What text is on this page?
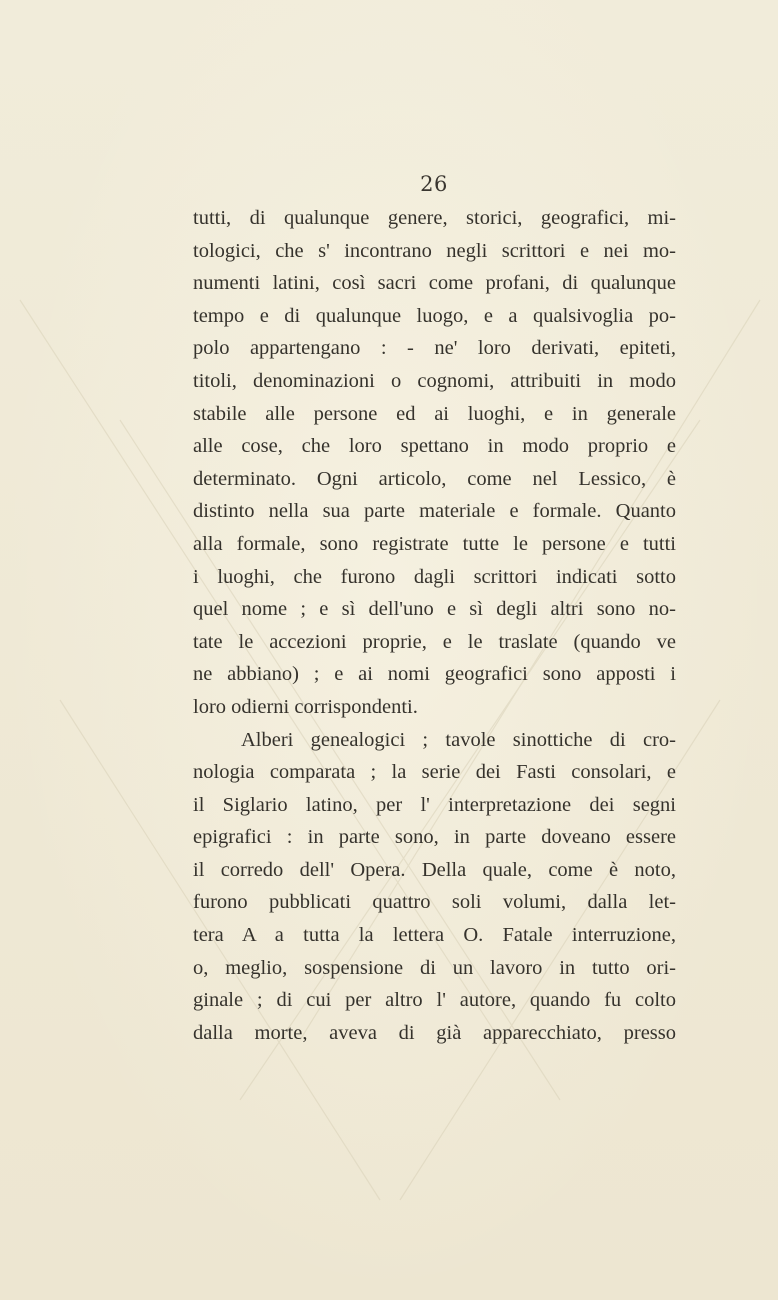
26
tutti, di qualunque genere, storici, geografici, mi-
tologici, che s' incontrano negli scrittori e nei mo-
numenti latini, così sacri come profani, di qualunque
tempo e di qualunque luogo, e a qualsivoglia po-
polo appartengano : - ne' loro derivati, epiteti,
titoli, denominazioni o cognomi, attribuiti in modo
stabile alle persone ed ai luoghi, e in generale
alle cose, che loro spettano in modo proprio e
determinato. Ogni articolo, come nel Lessico, è
distinto nella sua parte materiale e formale. Quanto
alla formale, sono registrate tutte le persone e tutti
i luoghi, che furono dagli scrittori indicati sotto
quel nome ; e sì dell'uno e sì degli altri sono no-
tate le accezioni proprie, e le traslate (quando ve
ne abbiano) ; e ai nomi geografici sono apposti i
loro odierni corrispondenti.
Alberi genealogici ; tavole sinottiche di cro-
nologia comparata ; la serie dei Fasti consolari, e
il Siglario latino, per l' interpretazione dei segni
epigrafici : in parte sono, in parte doveano essere
il corredo dell' Opera. Della quale, come è noto,
furono pubblicati quattro soli volumi, dalla let-
tera A a tutta la lettera O. Fatale interruzione,
o, meglio, sospensione di un lavoro in tutto ori-
ginale ; di cui per altro l' autore, quando fu colto
dalla morte, aveva di già apparecchiato, presso
